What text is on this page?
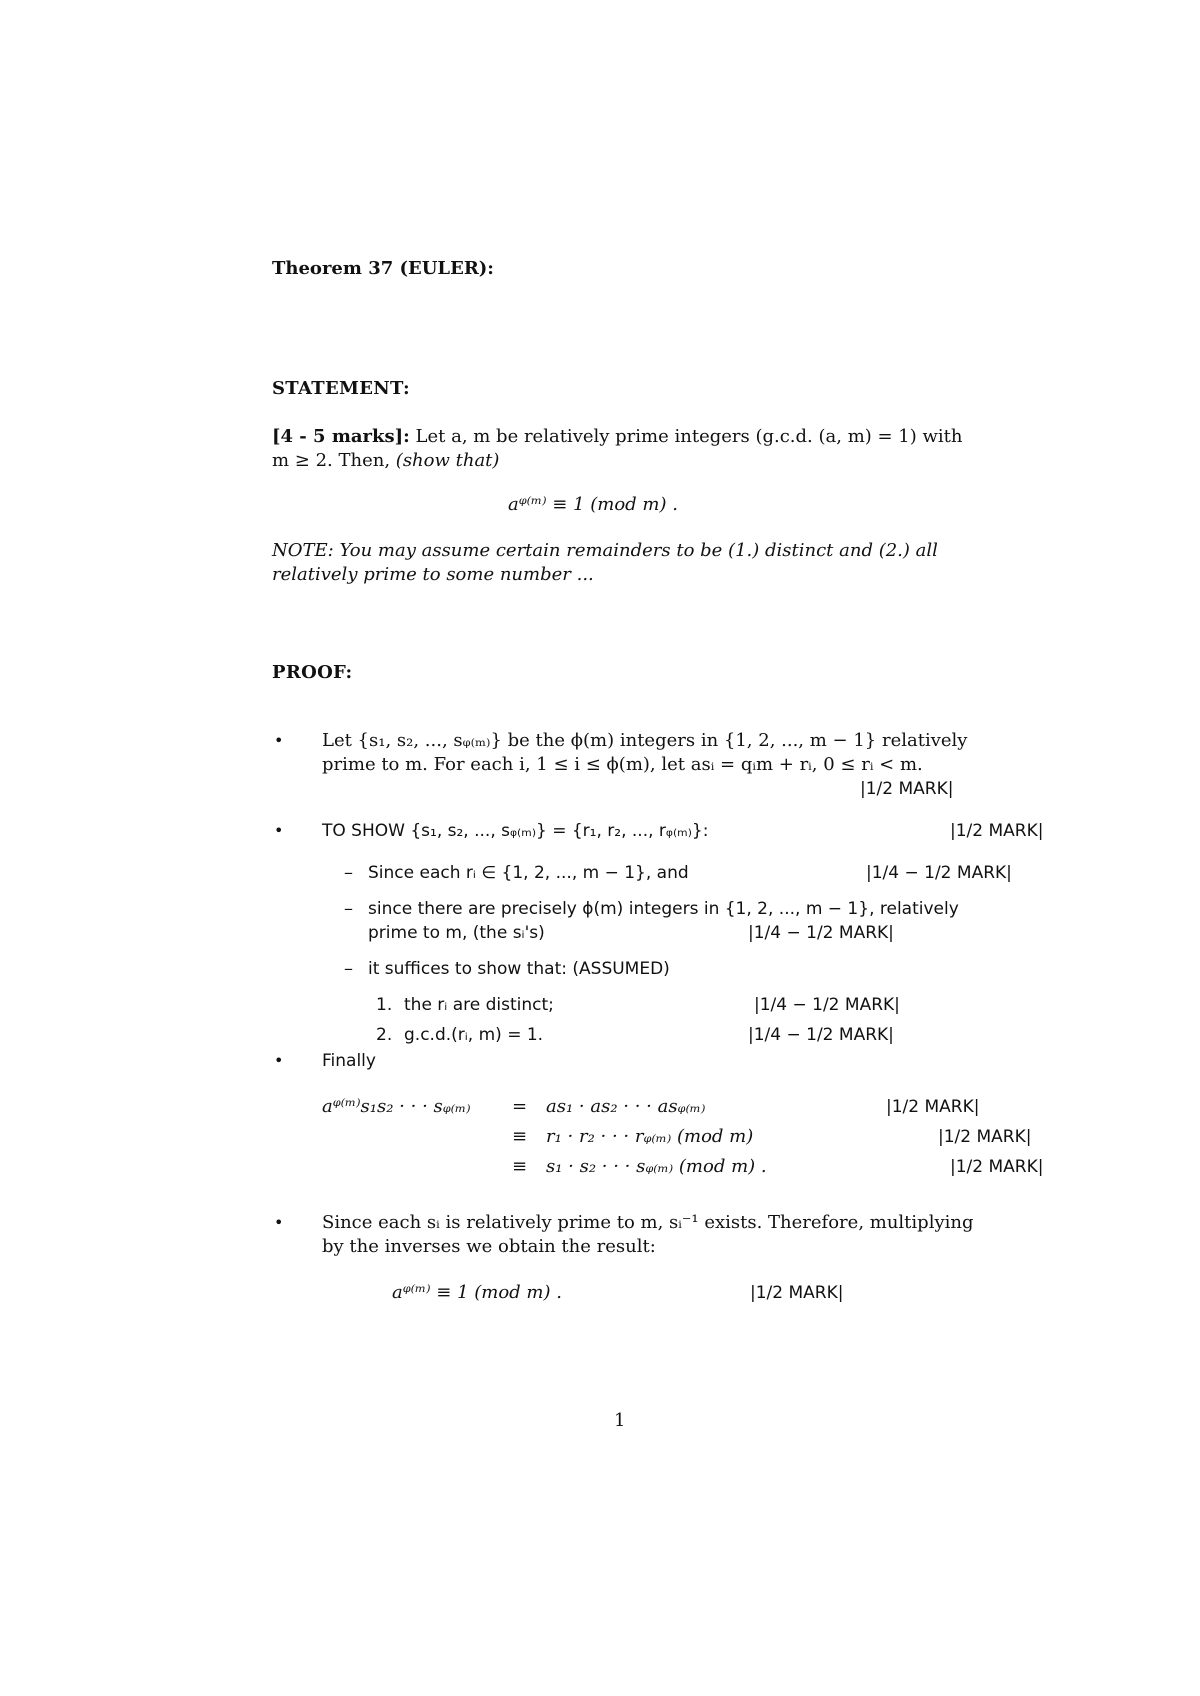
Theorem 37 (EULER):
STATEMENT:
[4 - 5 marks]: Let a, m be relatively prime integers (g.c.d. (a, m) = 1) with
m ≥ 2. Then, (show that)
aᵠ⁽ᵐ⁾ ≡ 1 (mod m) .
NOTE: You may assume certain remainders to be (1.) distinct and (2.) all
relatively prime to some number ...
PROOF:
• Let {s₁, s₂, ..., sᵩ₍ₘ₎} be the ϕ(m) integers in {1, 2, ..., m − 1} relatively
prime to m. For each i, 1 ≤ i ≤ ϕ(m), let asᵢ = qᵢm + rᵢ, 0 ≤ rᵢ < m.
|1/2 MARK|
• TO SHOW {s₁, s₂, ..., sᵩ₍ₘ₎} = {r₁, r₂, ..., rᵩ₍ₘ₎}:	|1/2 MARK|
– Since each rᵢ ∈ {1, 2, ..., m − 1}, and	|1/4 − 1/2 MARK|
– since there are precisely ϕ(m) integers in {1, 2, ..., m − 1}, relatively
prime to m, (the sᵢ's)	|1/4 − 1/2 MARK|
– it suffices to show that: (ASSUMED)
1. the rᵢ are distinct;	|1/4 − 1/2 MARK|
2. g.c.d.(rᵢ, m) = 1.	|1/4 − 1/2 MARK|
• Finally
aᵠ⁽ᵐ⁾s₁s₂ · · · sᵩ₍ₘ₎ = as₁ · as₂ · · · asᵩ₍ₘ₎	|1/2 MARK|
≡ r₁ · r₂ · · · rᵩ₍ₘ₎ (mod m)	|1/2 MARK|
≡ s₁ · s₂ · · · sᵩ₍ₘ₎ (mod m) .	|1/2 MARK|
• Since each sᵢ is relatively prime to m, sᵢ⁻¹ exists. Therefore, multiplying
by the inverses we obtain the result:
aᵠ⁽ᵐ⁾ ≡ 1 (mod m) .	|1/2 MARK|
1
